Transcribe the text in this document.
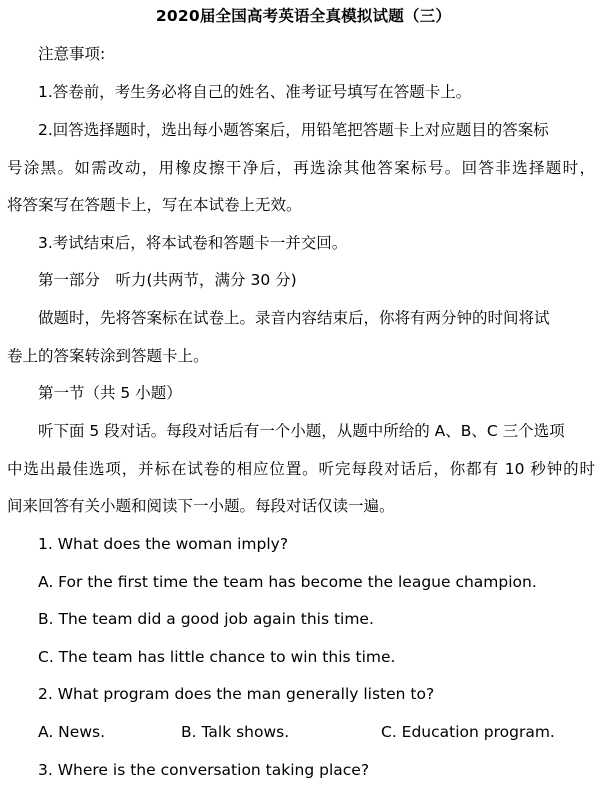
2020届全国高考英语全真模拟试题（三）
注意事项:
1.答卷前，考生务必将自己的姓名、准考证号填写在答题卡上。
2.回答选择题时，选出每小题答案后，用铅笔把答题卡上对应题目的答案标
号涂黑。如需改动，用橡皮擦干净后，再选涂其他答案标号。回答非选择题时，
将答案写在答题卡上，写在本试卷上无效。
3.考试结束后，将本试卷和答题卡一并交回。
第一部分　听力(共两节，满分 30 分)
做题时，先将答案标在试卷上。录音内容结束后，你将有两分钟的时间将试
卷上的答案转涂到答题卡上。
第一节（共 5 小题）
听下面 5 段对话。每段对话后有一个小题，从题中所给的 A、B、C 三个选项
中选出最佳选项，并标在试卷的相应位置。听完每段对话后，你都有 10 秒钟的时
间来回答有关小题和阅读下一小题。每段对话仅读一遍。
1. What does the woman imply?
A. For the first time the team has become the league champion.
B. The team did a good job again this time.
C. The team has little chance to win this time.
2. What program does the man generally listen to?
A. News.	B. Talk shows.	C. Education program.
3. Where is the conversation taking place?
